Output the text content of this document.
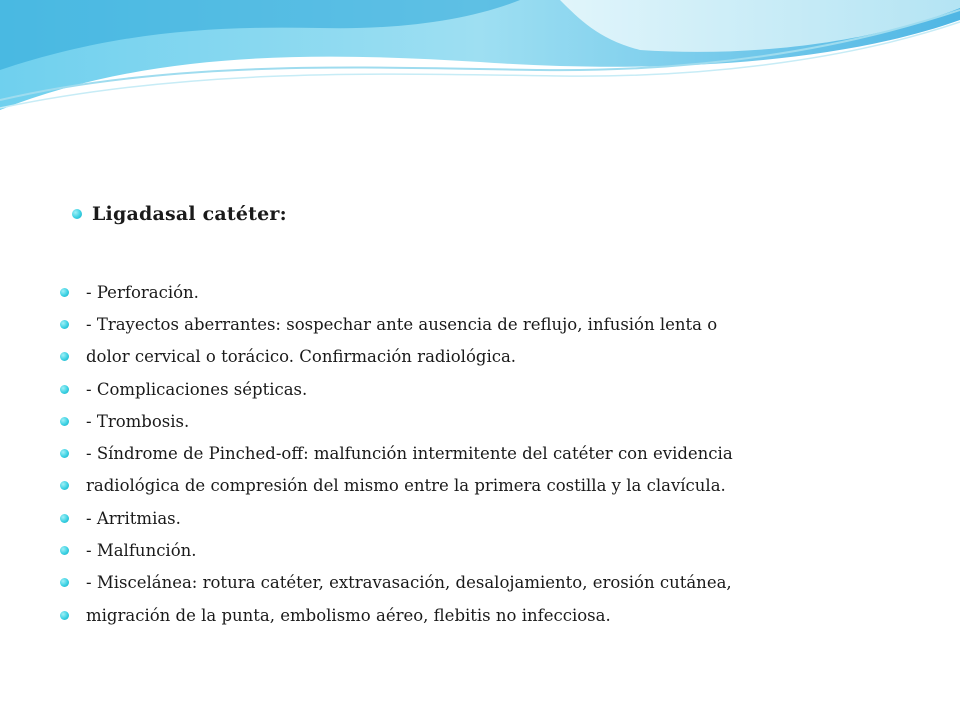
Ligadasal catéter:
- Perforación.
- Trayectos aberrantes: sospechar ante ausencia de reflujo, infusión lenta o
dolor cervical o torácico. Confirmación radiológica.
- Complicaciones sépticas.
- Trombosis.
- Síndrome de Pinched-off: malfunción intermitente del catéter con evidencia
radiológica de compresión del mismo entre la primera costilla y la clavícula.
- Arritmias.
- Malfunción.
- Miscelánea: rotura catéter, extravasación, desalojamiento, erosión cutánea,
migración de la punta, embolismo aéreo, flebitis no infecciosa.
